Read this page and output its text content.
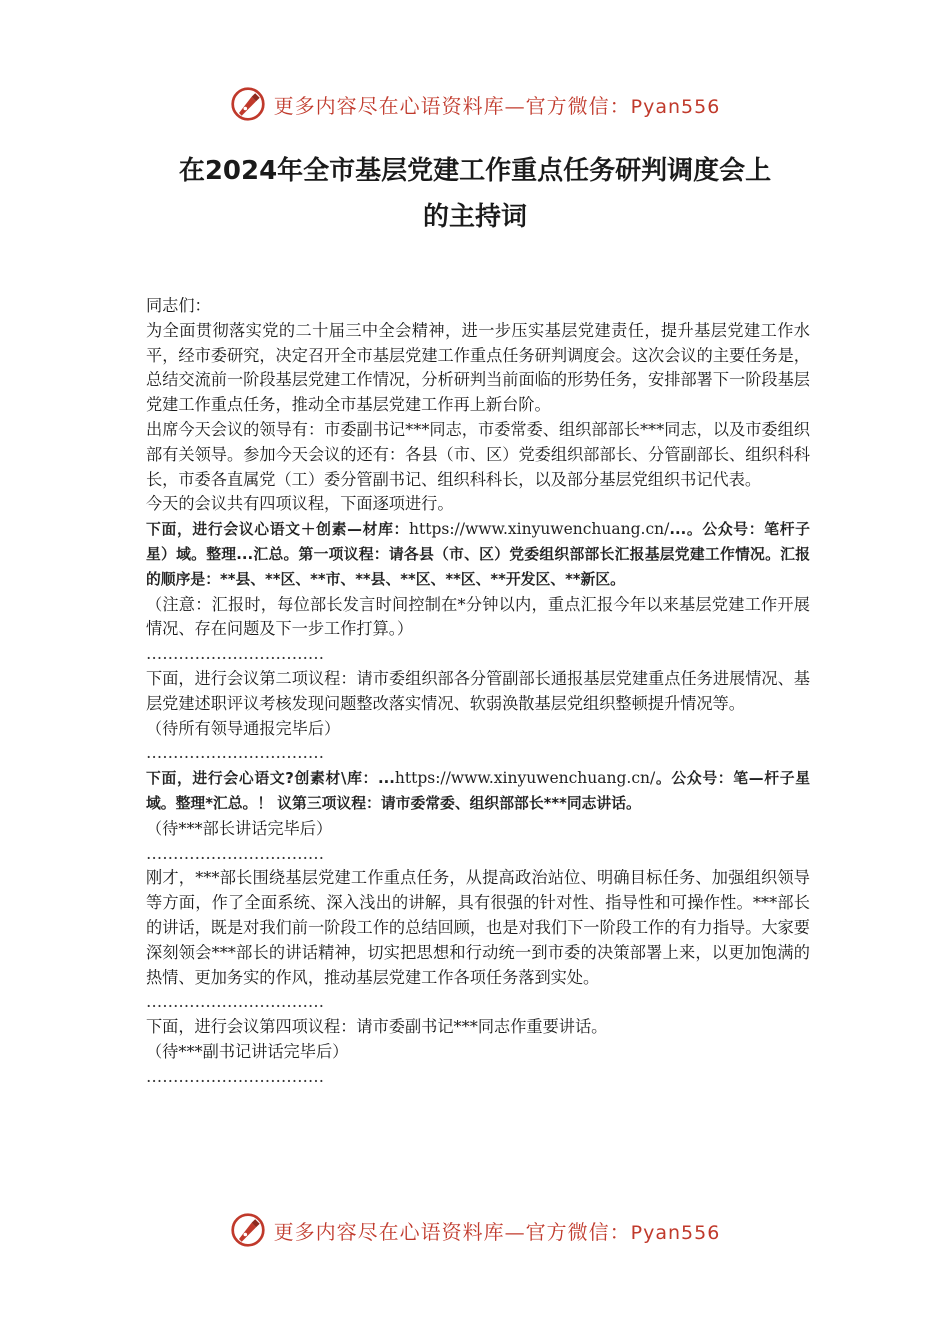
更多内容尽在心语资料库—官方微信：Pyan556
在2024年全市基层党建工作重点任务研判调度会上
的主持词

同志们：

为全面贯彻落实党的二十届三中全会精神，进一步压实基层党建责任，提升基层党建工作水平，经市委研究，决定召开全市基层党建工作重点任务研判调度会。这次会议的主要任务是，总结交流前一阶段基层党建工作情况，分析研判当前面临的形势任务，安排部署下一阶段基层党建工作重点任务，推动全市基层党建工作再上新台阶。

出席今天会议的领导有：市委副书记***同志，市委常委、组织部部长***同志，以及市委组织部有关领导。参加今天会议的还有：各县（市、区）党委组织部部长、分管副部长、组织科科长，市委各直属党（工）委分管副书记、组织科科长，以及部分基层党组织书记代表。

今天的会议共有四项议程，下面逐项进行。

下面，进行会议心语文＋创素—材库：https://www.xinyuwenchuang.cn/...。公众号：笔杆子星）域。整理...汇总。第一项议程：请各县（市、区）党委组织部部长汇报基层党建工作情况。汇报的顺序是：**县、**区、**市、**县、**区、**区、**开发区、**新区。

（注意：汇报时，每位部长发言时间控制在*分钟以内，重点汇报今年以来基层党建工作开展情况、存在问题及下一步工作打算。）

……………………………

下面，进行会议第二项议程：请市委组织部各分管副部长通报基层党建重点任务进展情况、基层党建述职评议考核发现问题整改落实情况、软弱涣散基层党组织整顿提升情况等。

（待所有领导通报完毕后）

……………………………

下面，进行会心语文?创素材\库：...https://www.xinyuwenchuang.cn/。公众号：笔—杆子星域。整理*汇总。！ 议第三项议程：请市委常委、组织部部长***同志讲话。

（待***部长讲话完毕后）

……………………………

刚才，***部长围绕基层党建工作重点任务，从提高政治站位、明确目标任务、加强组织领导等方面，作了全面系统、深入浅出的讲解，具有很强的针对性、指导性和可操作性。***部长的讲话，既是对我们前一阶段工作的总结回顾，也是对我们下一阶段工作的有力指导。大家要深刻领会***部长的讲话精神，切实把思想和行动统一到市委的决策部署上来，以更加饱满的热情、更加务实的作风，推动基层党建工作各项任务落到实处。

……………………………

下面，进行会议第四项议程：请市委副书记***同志作重要讲话。

（待***副书记讲话完毕后）

……………………………

更多内容尽在心语资料库—官方微信：Pyan556
